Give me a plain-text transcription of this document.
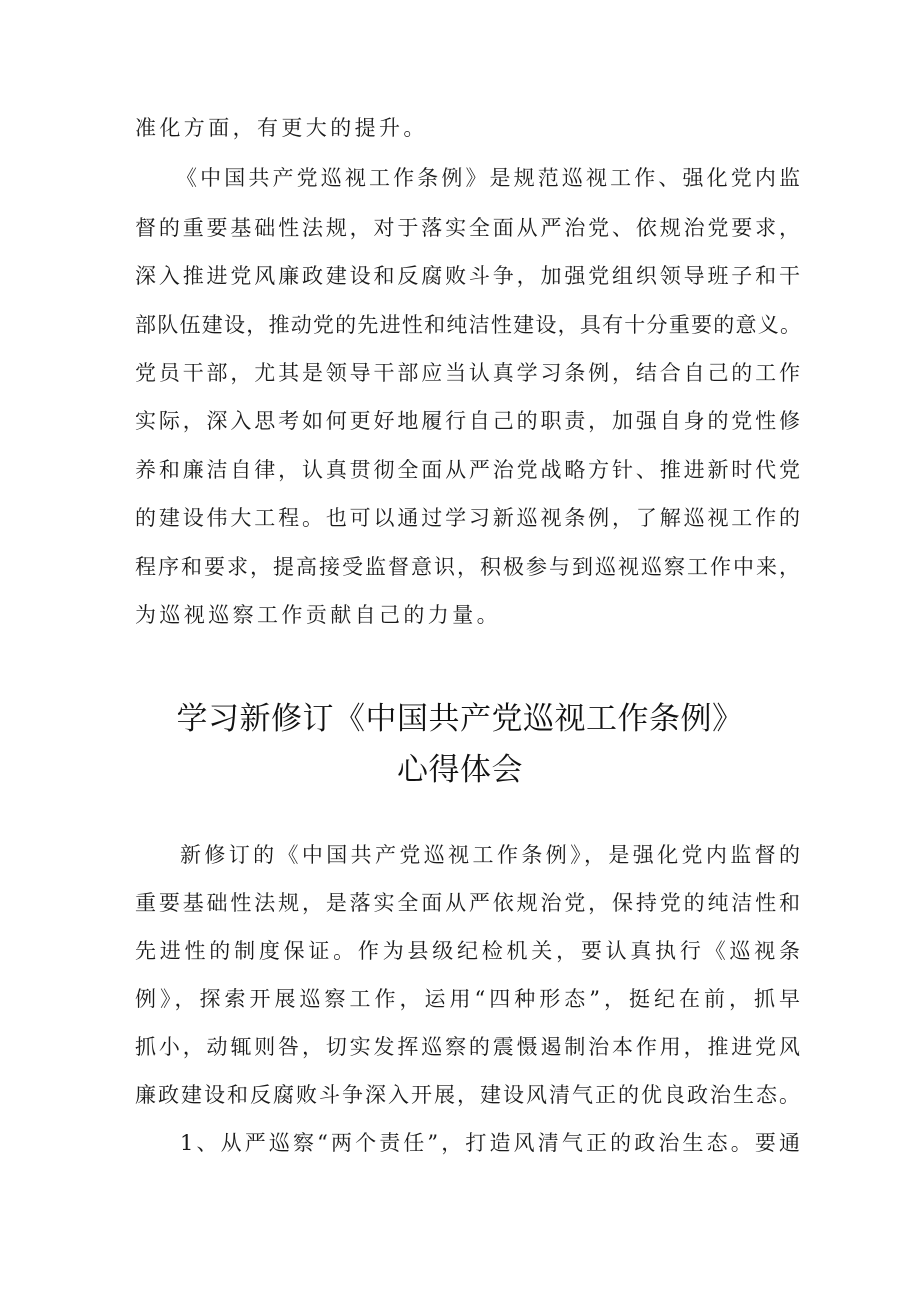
准化方面，有更大的提升。
《中国共产党巡视工作条例》是规范巡视工作、强化党内监
督的重要基础性法规，对于落实全面从严治党、依规治党要求，
深入推进党风廉政建设和反腐败斗争，加强党组织领导班子和干
部队伍建设，推动党的先进性和纯洁性建设，具有十分重要的意义。
党员干部，尤其是领导干部应当认真学习条例，结合自己的工作
实际，深入思考如何更好地履行自己的职责，加强自身的党性修
养和廉洁自律，认真贯彻全面从严治党战略方针、推进新时代党
的建设伟大工程。也可以通过学习新巡视条例，了解巡视工作的
程序和要求，提高接受监督意识，积极参与到巡视巡察工作中来，
为巡视巡察工作贡献自己的力量。
学习新修订《中国共产党巡视工作条例》
心得体会
新修订的《中国共产党巡视工作条例》，是强化党内监督的
重要基础性法规，是落实全面从严依规治党，保持党的纯洁性和
先进性的制度保证。作为县级纪检机关，要认真执行《巡视条
例》，探索开展巡察工作，运用“四种形态”，挺纪在前，抓早
抓小，动辄则咎，切实发挥巡察的震慑遏制治本作用，推进党风
廉政建设和反腐败斗争深入开展，建设风清气正的优良政治生态。
1、从严巡察“两个责任”，打造风清气正的政治生态。要通
